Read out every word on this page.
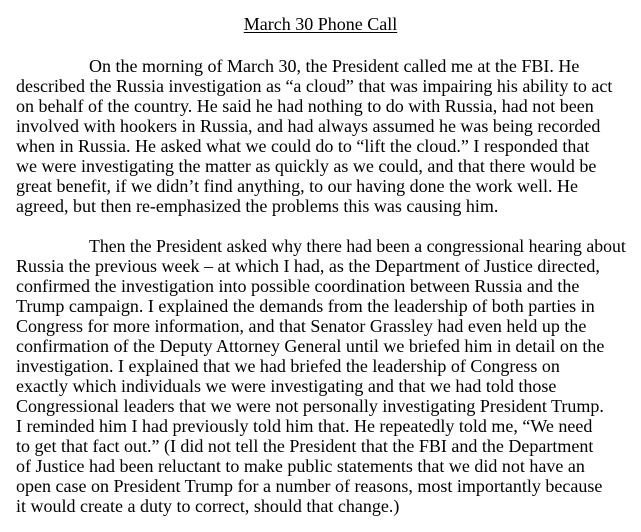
March 30 Phone Call
On the morning of March 30, the President called me at the FBI. He
described the Russia investigation as “a cloud” that was impairing his ability to act
on behalf of the country. He said he had nothing to do with Russia, had not been
involved with hookers in Russia, and had always assumed he was being recorded
when in Russia. He asked what we could do to “lift the cloud.” I responded that
we were investigating the matter as quickly as we could, and that there would be
great benefit, if we didn’t find anything, to our having done the work well. He
agreed, but then re-emphasized the problems this was causing him.
Then the President asked why there had been a congressional hearing about
Russia the previous week – at which I had, as the Department of Justice directed,
confirmed the investigation into possible coordination between Russia and the
Trump campaign. I explained the demands from the leadership of both parties in
Congress for more information, and that Senator Grassley had even held up the
confirmation of the Deputy Attorney General until we briefed him in detail on the
investigation. I explained that we had briefed the leadership of Congress on
exactly which individuals we were investigating and that we had told those
Congressional leaders that we were not personally investigating President Trump.
I reminded him I had previously told him that. He repeatedly told me, “We need
to get that fact out.” (I did not tell the President that the FBI and the Department
of Justice had been reluctant to make public statements that we did not have an
open case on President Trump for a number of reasons, most importantly because
it would create a duty to correct, should that change.)
